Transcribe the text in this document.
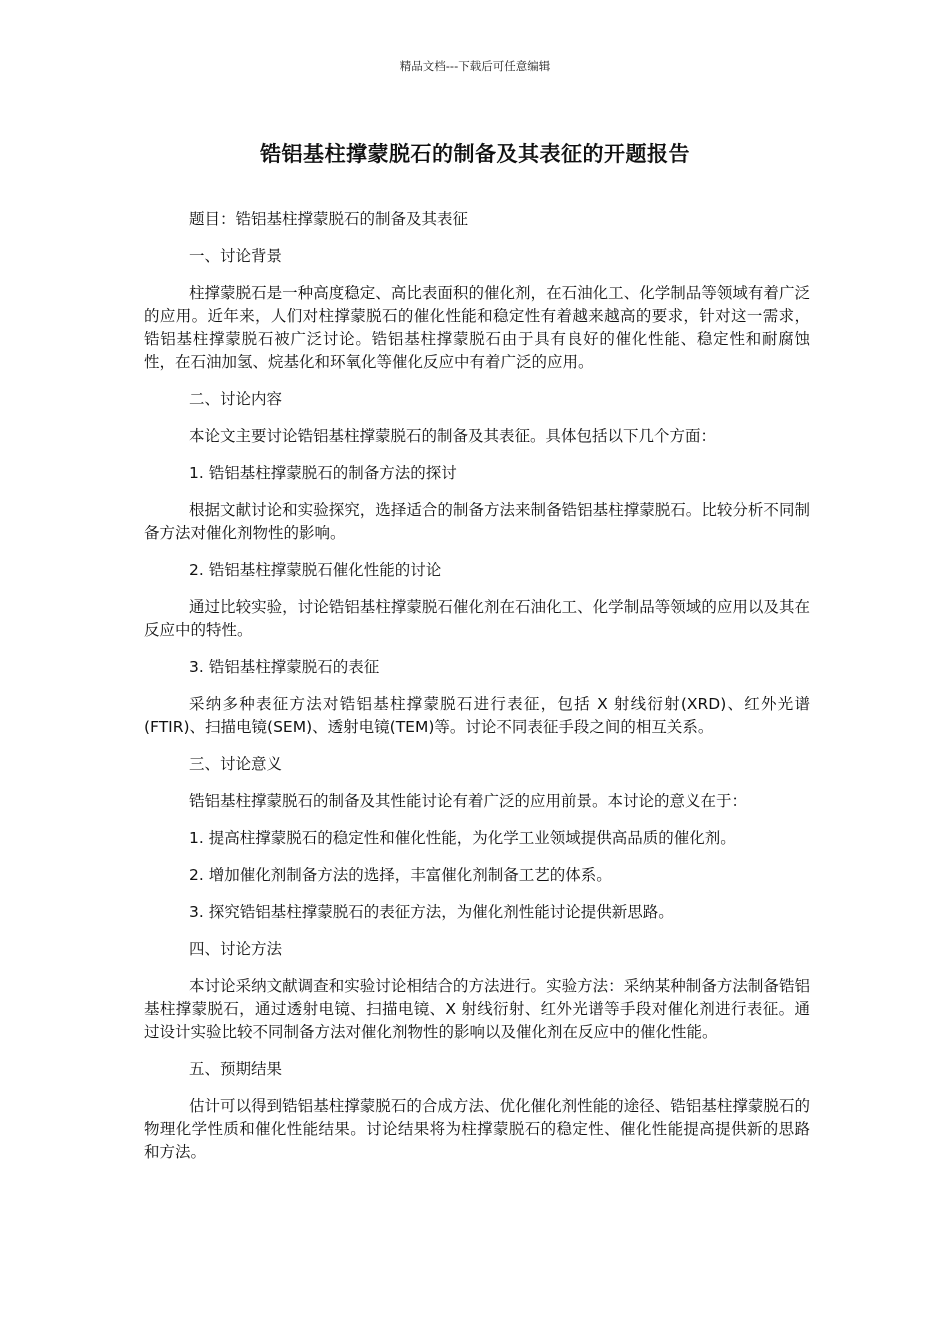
精品文档---下载后可任意编辑
锆铝基柱撑蒙脱石的制备及其表征的开题报告

题目：锆铝基柱撑蒙脱石的制备及其表征

一、讨论背景

柱撑蒙脱石是一种高度稳定、高比表面积的催化剂，在石油化工、化学制品等领域有着广泛的应用。近年来，人们对柱撑蒙脱石的催化性能和稳定性有着越来越高的要求，针对这一需求，锆铝基柱撑蒙脱石被广泛讨论。锆铝基柱撑蒙脱石由于具有良好的催化性能、稳定性和耐腐蚀性，在石油加氢、烷基化和环氧化等催化反应中有着广泛的应用。

二、讨论内容

本论文主要讨论锆铝基柱撑蒙脱石的制备及其表征。具体包括以下几个方面：

1. 锆铝基柱撑蒙脱石的制备方法的探讨

根据文献讨论和实验探究，选择适合的制备方法来制备锆铝基柱撑蒙脱石。比较分析不同制备方法对催化剂物性的影响。

2. 锆铝基柱撑蒙脱石催化性能的讨论

通过比较实验，讨论锆铝基柱撑蒙脱石催化剂在石油化工、化学制品等领域的应用以及其在反应中的特性。

3. 锆铝基柱撑蒙脱石的表征

采纳多种表征方法对锆铝基柱撑蒙脱石进行表征，包括 X 射线衍射(XRD)、红外光谱(FTIR)、扫描电镜(SEM)、透射电镜(TEM)等。讨论不同表征手段之间的相互关系。

三、讨论意义

锆铝基柱撑蒙脱石的制备及其性能讨论有着广泛的应用前景。本讨论的意义在于：

1. 提高柱撑蒙脱石的稳定性和催化性能，为化学工业领域提供高品质的催化剂。

2. 增加催化剂制备方法的选择，丰富催化剂制备工艺的体系。

3. 探究锆铝基柱撑蒙脱石的表征方法，为催化剂性能讨论提供新思路。

四、讨论方法

本讨论采纳文献调查和实验讨论相结合的方法进行。实验方法：采纳某种制备方法制备锆铝基柱撑蒙脱石，通过透射电镜、扫描电镜、X 射线衍射、红外光谱等手段对催化剂进行表征。通过设计实验比较不同制备方法对催化剂物性的影响以及催化剂在反应中的催化性能。

五、预期结果

估计可以得到锆铝基柱撑蒙脱石的合成方法、优化催化剂性能的途径、锆铝基柱撑蒙脱石的物理化学性质和催化性能结果。讨论结果将为柱撑蒙脱石的稳定性、催化性能提高提供新的思路和方法。
